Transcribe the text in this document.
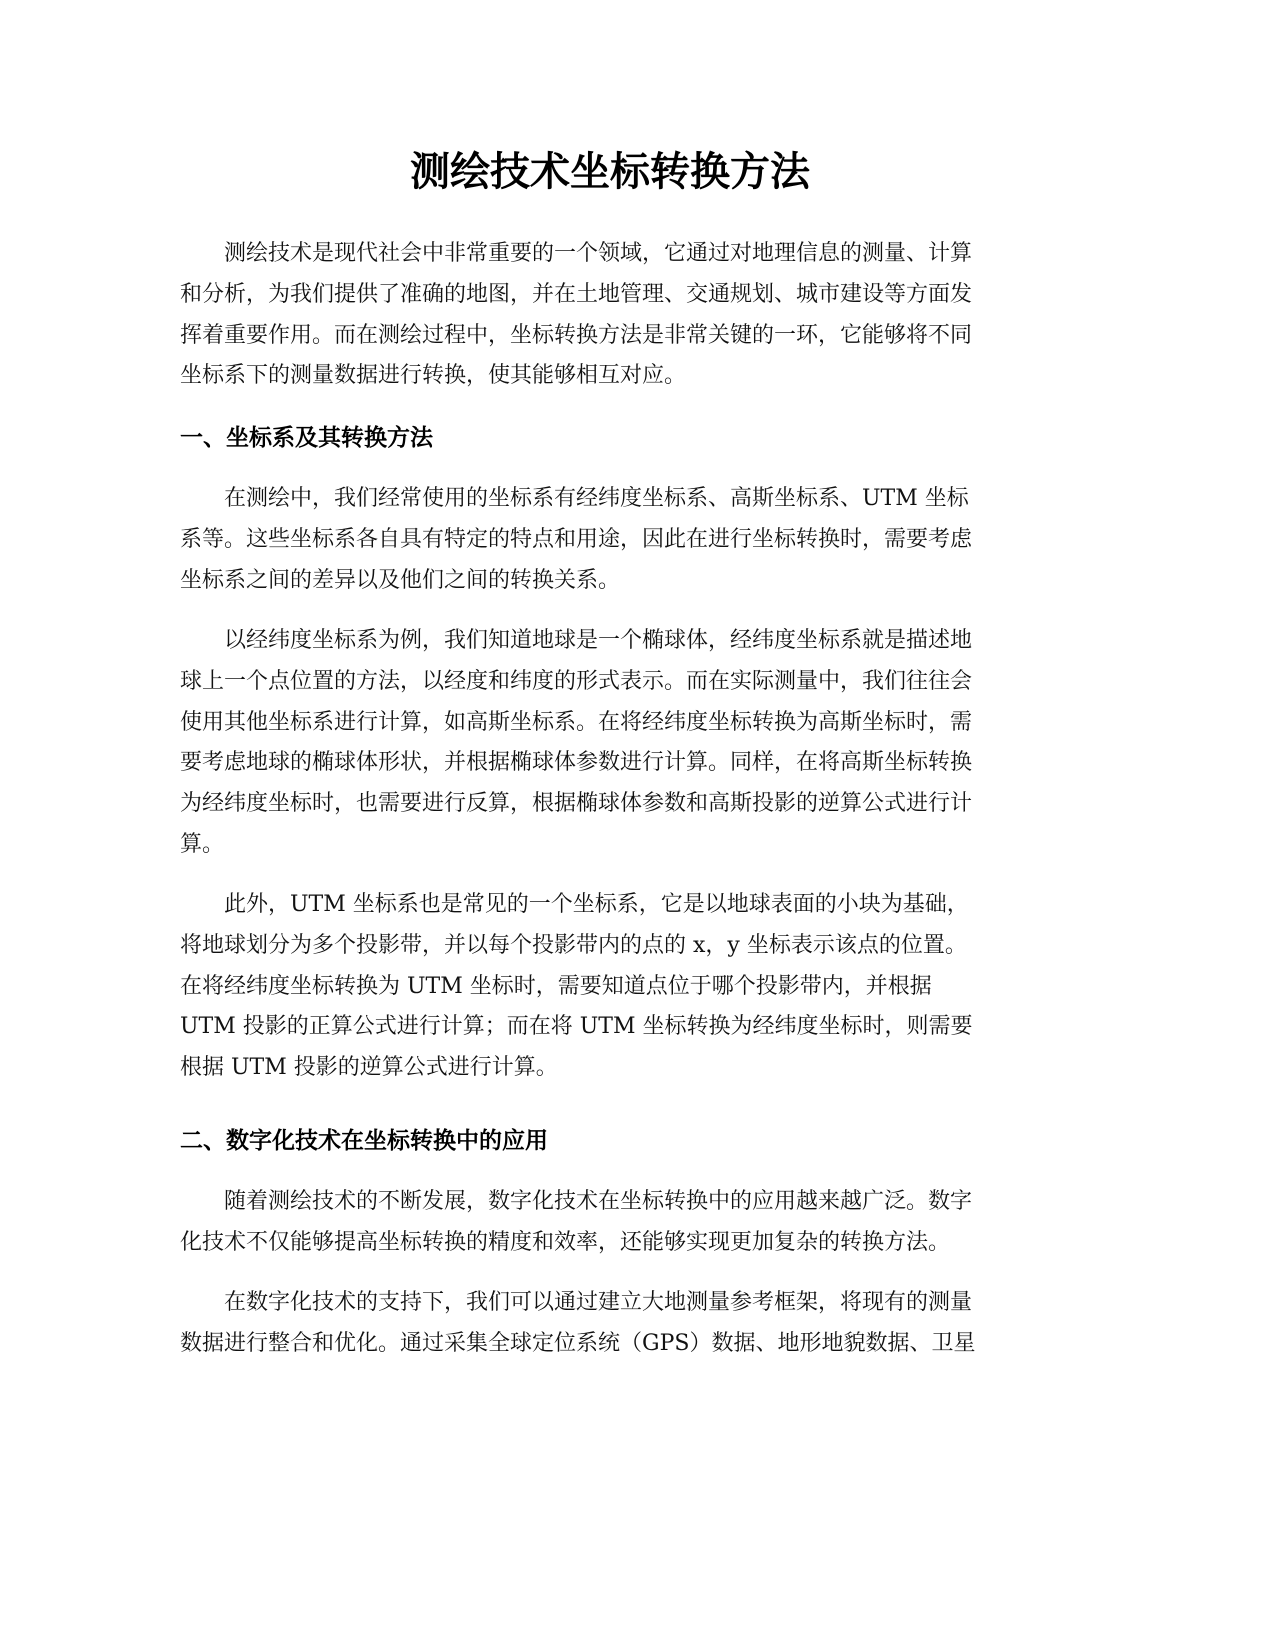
测绘技术坐标转换方法
测绘技术是现代社会中非常重要的一个领域，它通过对地理信息的测量、计算
和分析，为我们提供了准确的地图，并在土地管理、交通规划、城市建设等方面发
挥着重要作用。而在测绘过程中，坐标转换方法是非常关键的一环，它能够将不同
坐标系下的测量数据进行转换，使其能够相互对应。
一、坐标系及其转换方法
在测绘中，我们经常使用的坐标系有经纬度坐标系、高斯坐标系、UTM 坐标
系等。这些坐标系各自具有特定的特点和用途，因此在进行坐标转换时，需要考虑
坐标系之间的差异以及他们之间的转换关系。
以经纬度坐标系为例，我们知道地球是一个椭球体，经纬度坐标系就是描述地
球上一个点位置的方法，以经度和纬度的形式表示。而在实际测量中，我们往往会
使用其他坐标系进行计算，如高斯坐标系。在将经纬度坐标转换为高斯坐标时，需
要考虑地球的椭球体形状，并根据椭球体参数进行计算。同样，在将高斯坐标转换
为经纬度坐标时，也需要进行反算，根据椭球体参数和高斯投影的逆算公式进行计
算。
此外，UTM 坐标系也是常见的一个坐标系，它是以地球表面的小块为基础，
将地球划分为多个投影带，并以每个投影带内的点的 x，y 坐标表示该点的位置。
在将经纬度坐标转换为 UTM 坐标时，需要知道点位于哪个投影带内，并根据
UTM 投影的正算公式进行计算；而在将 UTM 坐标转换为经纬度坐标时，则需要
根据 UTM 投影的逆算公式进行计算。
二、数字化技术在坐标转换中的应用
随着测绘技术的不断发展，数字化技术在坐标转换中的应用越来越广泛。数字
化技术不仅能够提高坐标转换的精度和效率，还能够实现更加复杂的转换方法。
在数字化技术的支持下，我们可以通过建立大地测量参考框架，将现有的测量
数据进行整合和优化。通过采集全球定位系统（GPS）数据、地形地貌数据、卫星
